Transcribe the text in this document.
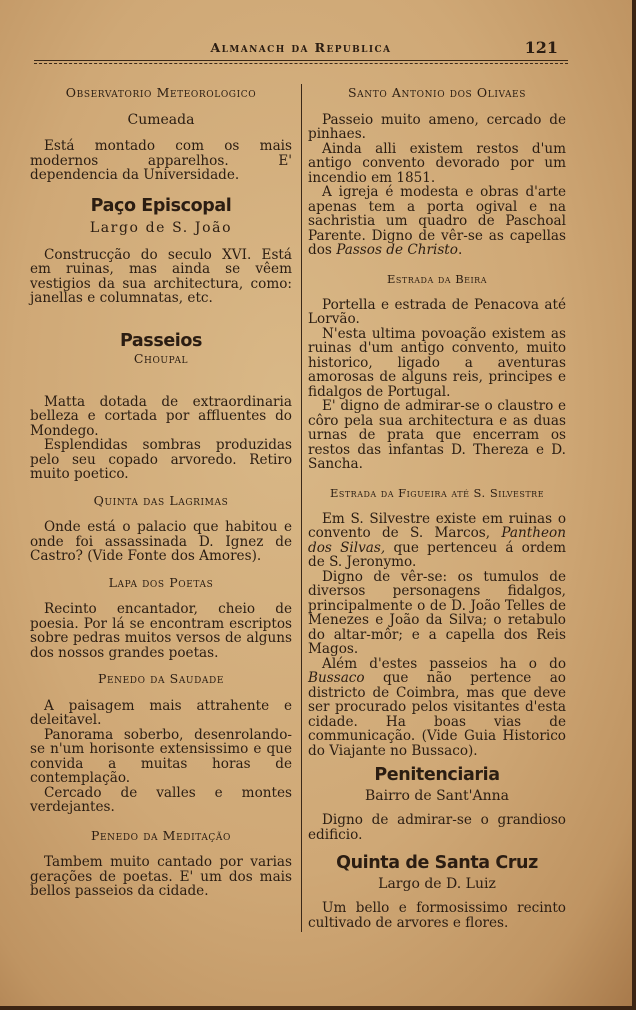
Almanach da Republica	121
Observatorio Meteorologico
Cumeada

Está montado com os mais modernos apparelhos. E' dependencia da Universidade.

Paço Episcopal
Largo de S. João

Construcção do seculo XVI. Está em ruinas, mas ainda se vêem vestigios da sua architectura, como: janellas e columnatas, etc.

Passeios
Choupal

Matta dotada de extraordinaria belleza e cortada por affluentes do Mondego.

Esplendidas sombras produzidas pelo seu copado arvoredo. Retiro muito poetico.

Quinta das Lagrimas

Onde está o palacio que habitou e onde foi assassinada D. Ignez de Castro? (Vide Fonte dos Amores).

Lapa dos Poetas

Recinto encantador, cheio de poesia. Por lá se encontram escriptos sobre pedras muitos versos de alguns dos nossos grandes poetas.

Penedo da Saudade

A paisagem mais attrahente e deleitavel.

Panorama soberbo, desenrolando-se n'um horisonte extensissimo e que convida a muitas horas de contemplação.

Cercado de valles e montes verdejantes.

Penedo da Meditação

Tambem muito cantado por varias gerações de poetas. E' um dos mais bellos passeios da cidade.

Santo Antonio dos Olivaes

Passeio muito ameno, cercado de pinhaes.

Ainda alli existem restos d'um antigo convento devorado por um incendio em 1851.

A igreja é modesta e obras d'arte apenas tem a porta ogival e na sachristia um quadro de Paschoal Parente. Digno de vêr-se as capellas dos Passos de Christo.

Estrada da Beira

Portella e estrada de Penacova até Lorvão.

N'esta ultima povoação existem as ruinas d'um antigo convento, muito historico, ligado a aventuras amorosas de alguns reis, principes e fidalgos de Portugal.

E' digno de admirar-se o claustro e côro pela sua architectura e as duas urnas de prata que encerram os restos das infantas D. Thereza e D. Sancha.

Estrada da Figueira até S. Silvestre

Em S. Silvestre existe em ruinas o convento de S. Marcos, Pantheon dos Silvas, que pertenceu á ordem de S. Jeronymo.

Digno de vêr-se: os tumulos de diversos personagens fidalgos, principalmente o de D. João Telles de Menezes e João da Silva; o retabulo do altar-môr; e a capella dos Reis Magos.

Além d'estes passeios ha o do Bussaco que não pertence ao districto de Coimbra, mas que deve ser procurado pelos visitantes d'esta cidade. Ha boas vias de communicação. (Vide Guia Historico do Viajante no Bussaco).

Penitenciaria
Bairro de Sant'Anna

Digno de admirar-se o grandioso edificio.

Quinta de Santa Cruz
Largo de D. Luiz

Um bello e formosissimo recinto cultivado de arvores e flores.
